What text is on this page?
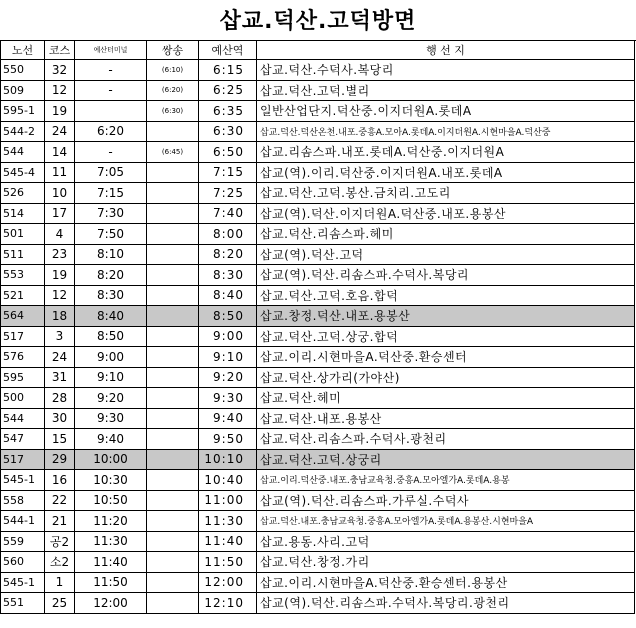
삽교.덕산.고덕방면
노선	코스	예산터미널	쌍송	예산역	행 선 지
550	32	-	(6:10)	6:15	삽교.덕산.수덕사.복당리
509	12	-	(6:20)	6:25	삽교.덕산.고덕.별리
595-1	19		(6:30)	6:35	일반산업단지.덕산중.이지더원A.롯데A
544-2	24	6:20		6:30	삽교.덕산.덕산온천.내포.중흥A.모아A.롯데A.이지더원A.시현마을A.덕산중
544	14	-	(6:45)	6:50	삽교.리솜스파.내포.롯데A.덕산중.이지더원A
545-4	11	7:05		7:15	삽교(역).이리.덕산중.이지더원A.내포.롯데A
526	10	7:15		7:25	삽교.덕산.고덕.봉산.금치리.고도리
514	17	7:30		7:40	삽교(역).덕산.이지더원A.덕산중.내포.용봉산
501	4	7:50		8:00	삽교.덕산.리솜스파.헤미
511	23	8:10		8:20	삽교(역).덕산.고덕
553	19	8:20		8:30	삽교(역).덕산.리솜스파.수덕사.복당리
521	12	8:30		8:40	삽교.덕산.고덕.호음.합덕
564	18	8:40		8:50	삽교.창정.덕산.내포.용봉산
517	3	8:50		9:00	삽교.덕산.고덕.상궁.합덕
576	24	9:00		9:10	삽교.이리.시현마을A.덕산중.환승센터
595	31	9:10		9:20	삽교.덕산.상가리(가야산)
500	28	9:20		9:30	삽교.덕산.헤미
544	30	9:30		9:40	삽교.덕산.내포.용봉산
547	15	9:40		9:50	삽교.덕산.리솜스파.수덕사.광천리
517	29	10:00		10:10	삽교.덕산.고덕.상궁리
545-1	16	10:30		10:40	삽교.이리.덕산중.내포.충남교육청.중흥A.모아엘가A.롯데A.용봉
558	22	10:50		11:00	삽교(역).덕산.리솜스파.가루실.수덕사
544-1	21	11:20		11:30	삽교.덕산.내포.충남교육청.중흥A.모아엘가A.롯데A.용봉산.시현마을A
559	공2	11:30		11:40	삽교.용동.사리.고덕
560	소2	11:40		11:50	삽교.덕산.창정.가리
545-1	1	11:50		12:00	삽교.이리.시현마을A.덕산중.환승센터.용봉산
551	25	12:00		12:10	삽교(역).덕산.리솜스파.수덕사.복당리.광천리
